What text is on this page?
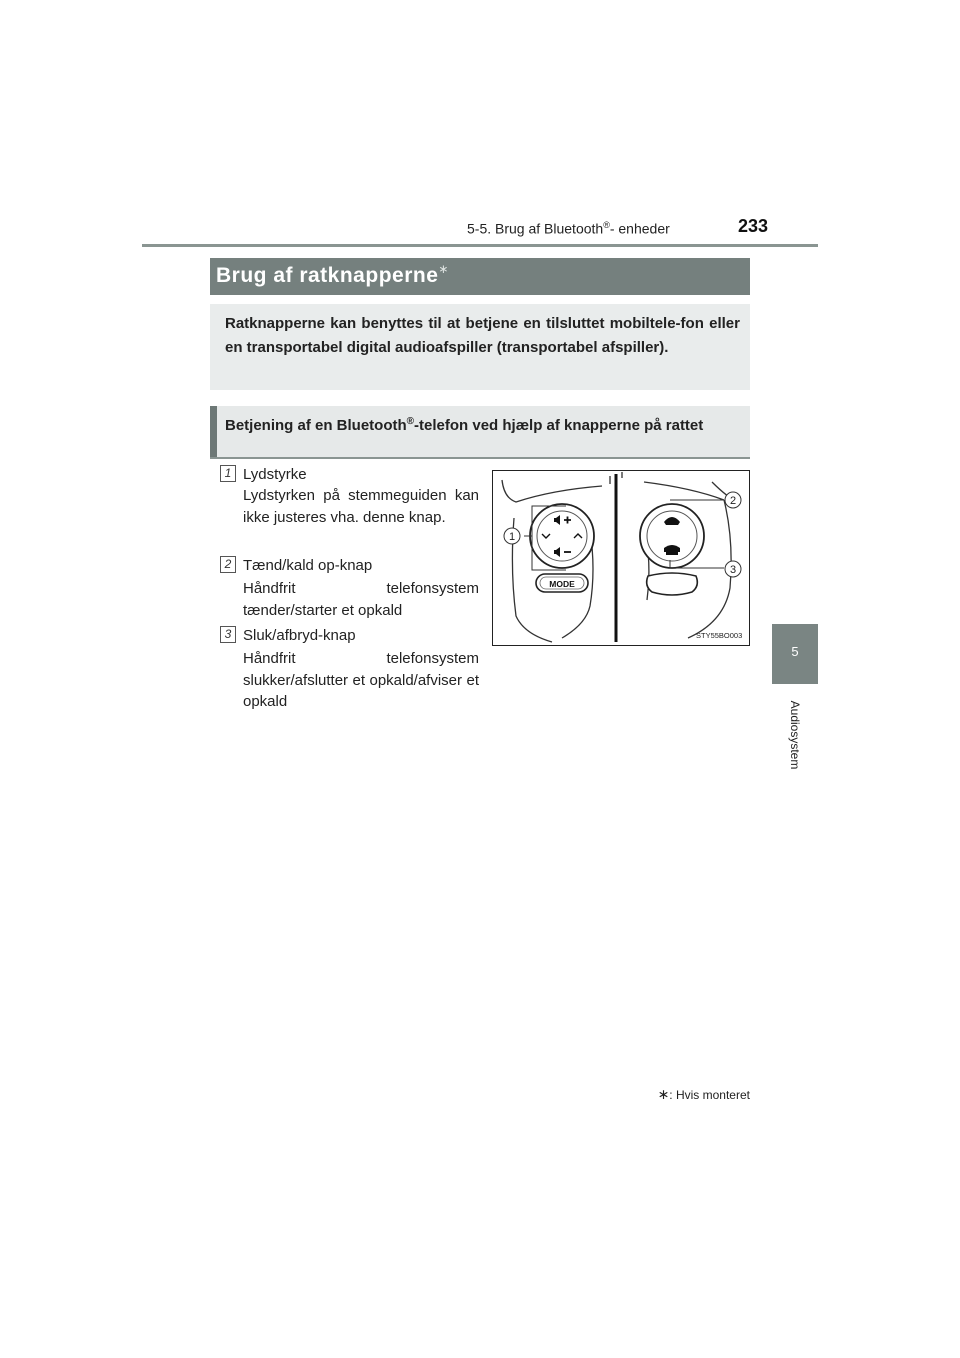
5-5. Brug af Bluetooth®- enheder	233
5
Audiosystem
Brug af ratknapperne∗
Ratknapperne kan benyttes til at betjene en tilsluttet mobiltele-fon eller en transportabel digital audioafspiller (transportabel afspiller).
Betjening af en Bluetooth®-telefon ved hjælp af knapperne på rattet
1 Lydstyrke
Lydstyrken på stemmeguiden kan ikke justeres vha. denne knap.
2 Tænd/kald op-knap
Håndfrit telefonsystem tænder/starter et opkald
3 Sluk/afbryd-knap
Håndfrit telefonsystem slukker/afslutter et opkald/afviser et opkald
MODE
1
2
3
STY55BO003
∗: Hvis monteret
